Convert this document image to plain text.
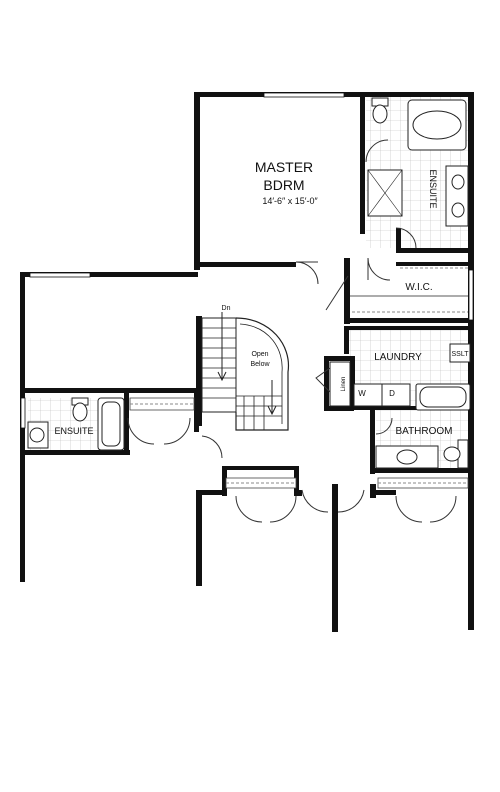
MASTER
BDRM
14′-6″ x 15′-0″	ENSUITE
W.I.C.
LAUNDRY	SSLT
W	D
Linen
BATHROOM
ENSUITE
Dn
Open
Below
